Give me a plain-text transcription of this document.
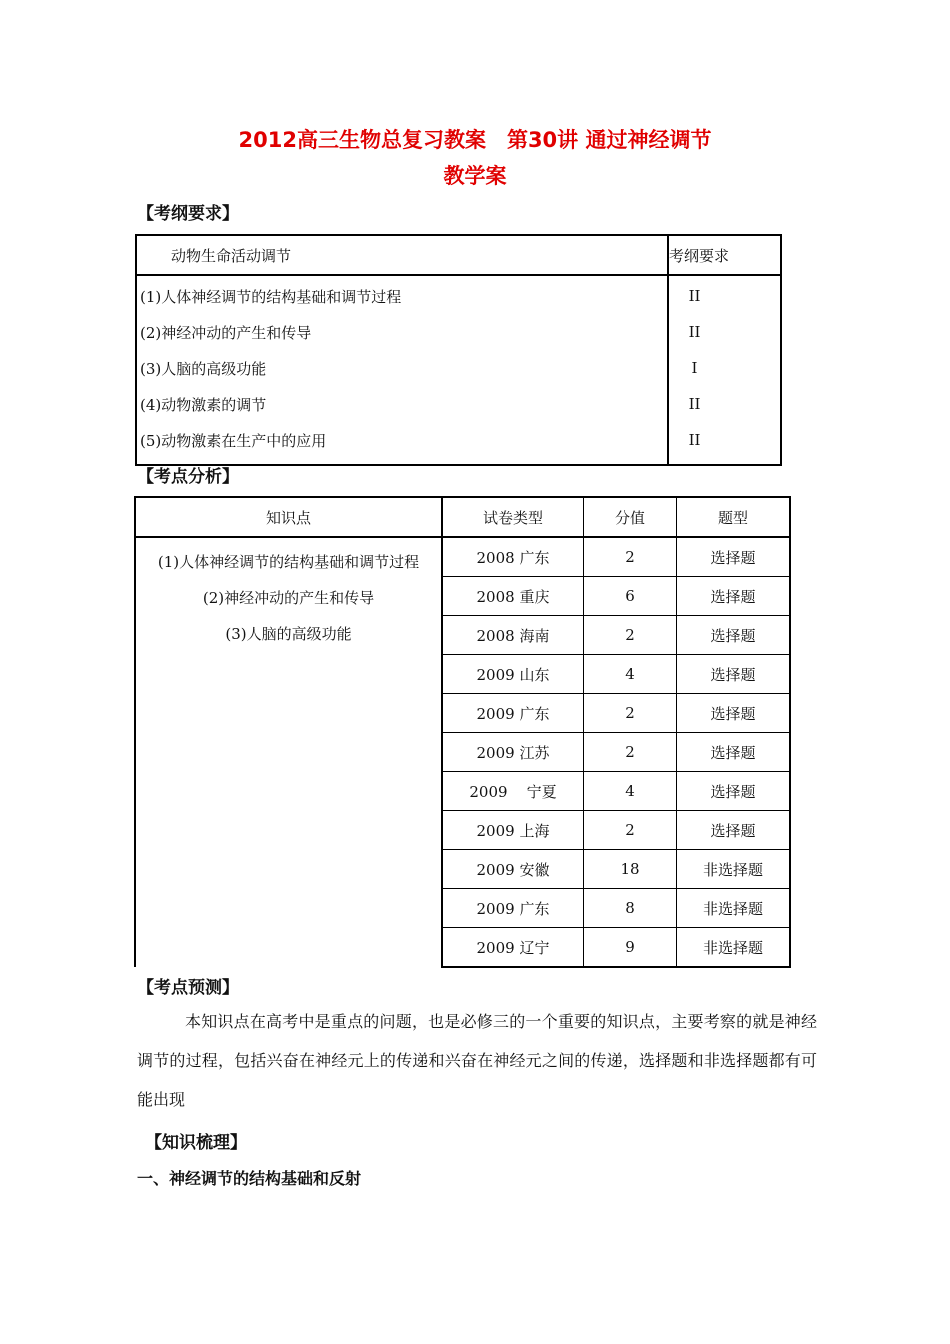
2012高三生物总复习教案　第30讲 通过神经调节
教学案
【考纲要求】
动物生命活动调节	考纲要求
(1)人体神经调节的结构基础和调节过程	II
(2)神经冲动的产生和传导	II
(3)人脑的高级功能	I
(4)动物激素的调节	II
(5)动物激素在生产中的应用	II
【考点分析】
知识点	试卷类型	分值	题型

(1)人体神经调节的结构基础和调节过程
(2)神经冲动的产生和传导
(3)人脑的高级功能	2008 广东	2	选择题
	2008 重庆	6	选择题
	2008 海南	2	选择题
	2009 山东	4	选择题
	2009 广东	2	选择题
	2009 江苏	2	选择题
	2009    宁夏	4	选择题
	2009 上海	2	选择题
	2009 安徽	18	非选择题
	2009 广东	8	非选择题
	2009 辽宁	9	非选择题
【考点预测】
本知识点在高考中是重点的问题，也是必修三的一个重要的知识点，主要考察的就是神经调节的过程，包括兴奋在神经元上的传递和兴奋在神经元之间的传递，选择题和非选择题都有可能出现
【知识梳理】
一、神经调节的结构基础和反射
